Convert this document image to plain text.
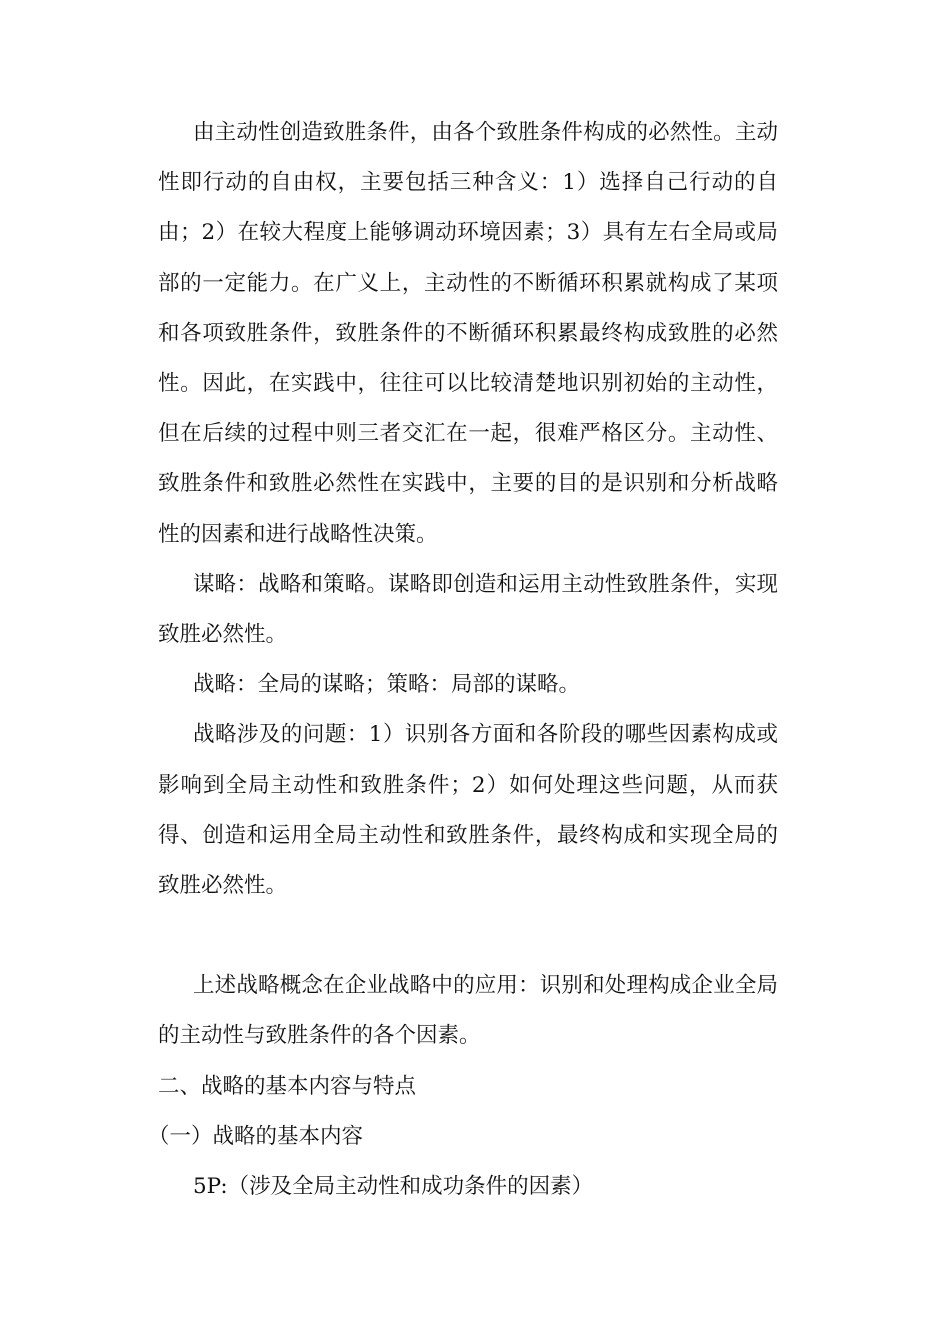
由主动性创造致胜条件，由各个致胜条件构成的必然性。主动性即行动的自由权，主要包括三种含义：1）选择自己行动的自由；2）在较大程度上能够调动环境因素；3）具有左右全局或局部的一定能力。在广义上，主动性的不断循环积累就构成了某项和各项致胜条件，致胜条件的不断循环积累最终构成致胜的必然性。因此，在实践中，往往可以比较清楚地识别初始的主动性，但在后续的过程中则三者交汇在一起，很难严格区分。主动性、致胜条件和致胜必然性在实践中，主要的目的是识别和分析战略性的因素和进行战略性决策。

谋略：战略和策略。谋略即创造和运用主动性致胜条件，实现致胜必然性。

战略：全局的谋略；策略：局部的谋略。

战略涉及的问题：1）识别各方面和各阶段的哪些因素构成或影响到全局主动性和致胜条件；2）如何处理这些问题，从而获得、创造和运用全局主动性和致胜条件，最终构成和实现全局的致胜必然性。

上述战略概念在企业战略中的应用：识别和处理构成企业全局的主动性与致胜条件的各个因素。

二、战略的基本内容与特点

（一）战略的基本内容

5P:（涉及全局主动性和成功条件的因素）
